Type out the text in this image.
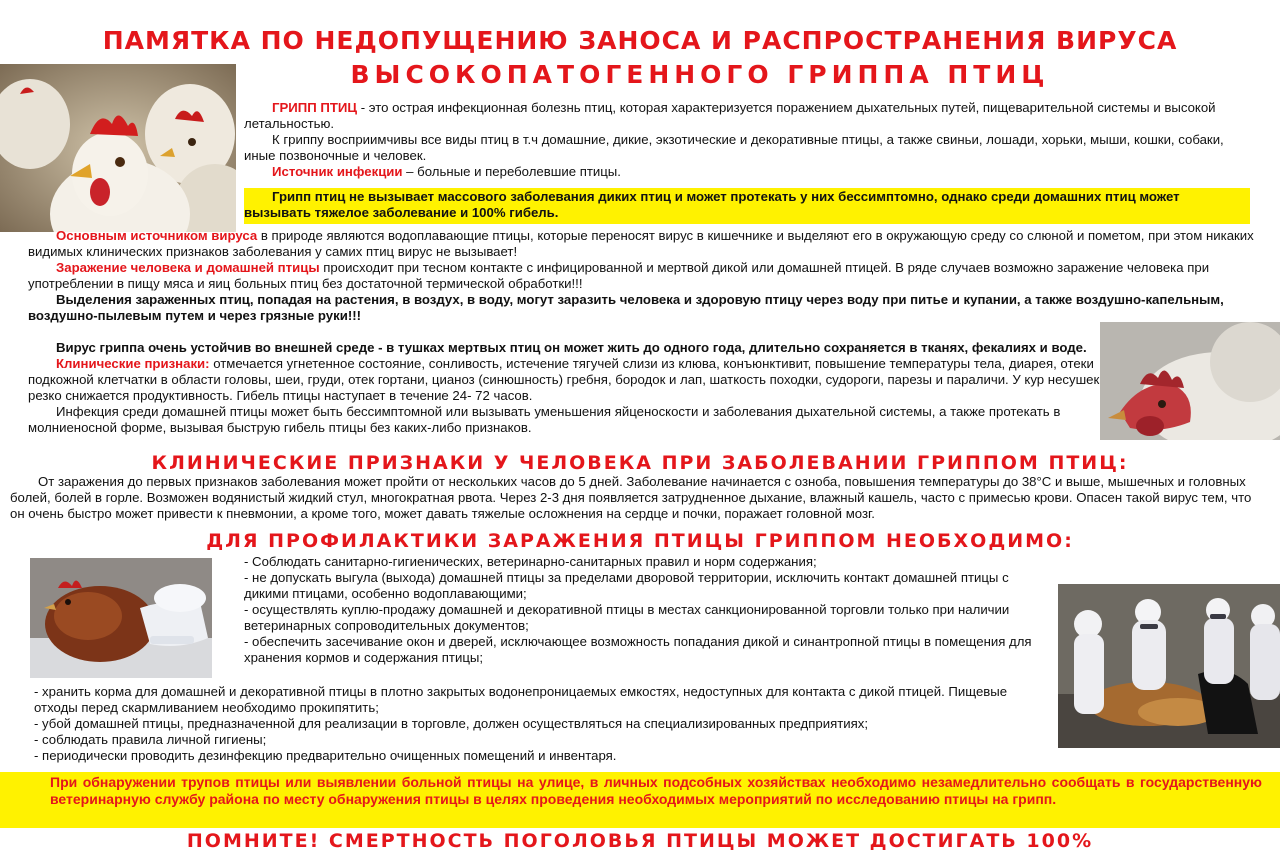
ПАМЯТКА ПО НЕДОПУЩЕНИЮ ЗАНОСА И РАСПРОСТРАНЕНИЯ ВИРУСА
ВЫСОКОПАТОГЕННОГО ГРИППА ПТИЦ

ГРИПП ПТИЦ - это острая инфекционная болезнь птиц, которая характеризуется поражением дыхательных путей, пищеварительной системы и высокой летальностью.

К гриппу восприимчивы все виды птиц в т.ч домашние, дикие, экзотические и декоративные птицы, а также свиньи, лошади, хорьки, мыши, кошки, собаки, иные позвоночные и человек.

Источник инфекции – больные и переболевшие птицы.

Грипп птиц не вызывает массового заболевания диких птиц и может протекать у них бессимптомно, однако среди домашних птиц может вызывать тяжелое заболевание и 100% гибель.

Основным источником вируса в природе являются водоплавающие птицы, которые переносят вирус в кишечнике и выделяют его в окружающую среду со слюной и пометом, при этом никаких видимых клинических признаков заболевания у самих птиц вирус не вызывает!

Заражение человека и домашней птицы происходит при тесном контакте с инфицированной и мертвой дикой или домашней птицей. В ряде случаев возможно заражение человека при употреблении в пищу мяса и яиц больных птиц без достаточной термической обработки!!!

Выделения зараженных птиц, попадая на растения, в воздух, в воду, могут заразить человека и здоровую птицу через воду при питье и купании, а также воздушно-капельным, воздушно-пылевым путем и через грязные руки!!!

Вирус гриппа очень устойчив во внешней среде - в тушках мертвых птиц он может жить до одного года, длительно сохраняется в тканях, фекалиях и воде.

Клинические признаки: отмечается угнетенное состояние, сонливость, истечение тягучей слизи из клюва, конъюнктивит, повышение температуры тела, диарея, отеки подкожной клетчатки в области головы, шеи, груди, отек гортани, цианоз (синюшность) гребня, бородок и лап, шаткость походки, судороги, парезы и параличи. У кур несушек резко снижается продуктивность. Гибель птицы наступает в течение 24- 72 часов.

Инфекция среди домашней птицы может быть бессимптомной или вызывать уменьшения яйценоскости и заболевания дыхательной системы, а также протекать в молниеносной форме, вызывая быструю гибель птицы без каких-либо признаков.

КЛИНИЧЕСКИЕ ПРИЗНАКИ У ЧЕЛОВЕКА ПРИ ЗАБОЛЕВАНИИ ГРИППОМ ПТИЦ:

От заражения до первых признаков заболевания может пройти от нескольких часов до 5 дней. Заболевание начинается с озноба, повышения температуры до 38°С и выше, мышечных и головных болей, болей в горле. Возможен водянистый жидкий стул, многократная рвота. Через 2-3 дня появляется затрудненное дыхание, влажный кашель, часто с примесью крови. Опасен такой вирус тем, что он очень быстро может привести к пневмонии, а кроме того, может давать тяжелые осложнения на сердце и почки, поражает головной мозг.

ДЛЯ ПРОФИЛАКТИКИ ЗАРАЖЕНИЯ ПТИЦЫ ГРИППОМ НЕОБХОДИМО:

- Соблюдать санитарно-гигиенических, ветеринарно-санитарных правил и норм содержания;

- не допускать выгула (выхода) домашней птицы за пределами дворовой территории, исключить контакт домашней птицы с дикими птицами, особенно водоплавающими;

- осуществлять куплю-продажу домашней и декоративной птицы в местах санкционированной торговли только при наличии ветеринарных сопроводительных документов;

- обеспечить засечивание окон и дверей, исключающее возможность попадания дикой и синантропной птицы в помещения для хранения кормов и содержания птицы;

- хранить корма для домашней и декоративной птицы в плотно закрытых водонепроницаемых емкостях, недоступных для контакта с дикой птицей. Пищевые отходы перед скармливанием необходимо прокипятить;

- убой домашней птицы, предназначенной для реализации в торговле, должен осуществляться на специализированных предприятиях;

- соблюдать правила личной гигиены;

- периодически проводить дезинфекцию предварительно очищенных помещений и инвентаря.

При обнаружении трупов птицы или выявлении больной птицы на улице, в личных подсобных хозяйствах необходимо незамедлительно сообщать в государственную ветеринарную службу района по месту обнаружения птицы в целях проведения необходимых мероприятий по исследованию птицы на грипп.

ПОМНИТЕ! СМЕРТНОСТЬ ПОГОЛОВЬЯ ПТИЦЫ МОЖЕТ ДОСТИГАТЬ 100%
